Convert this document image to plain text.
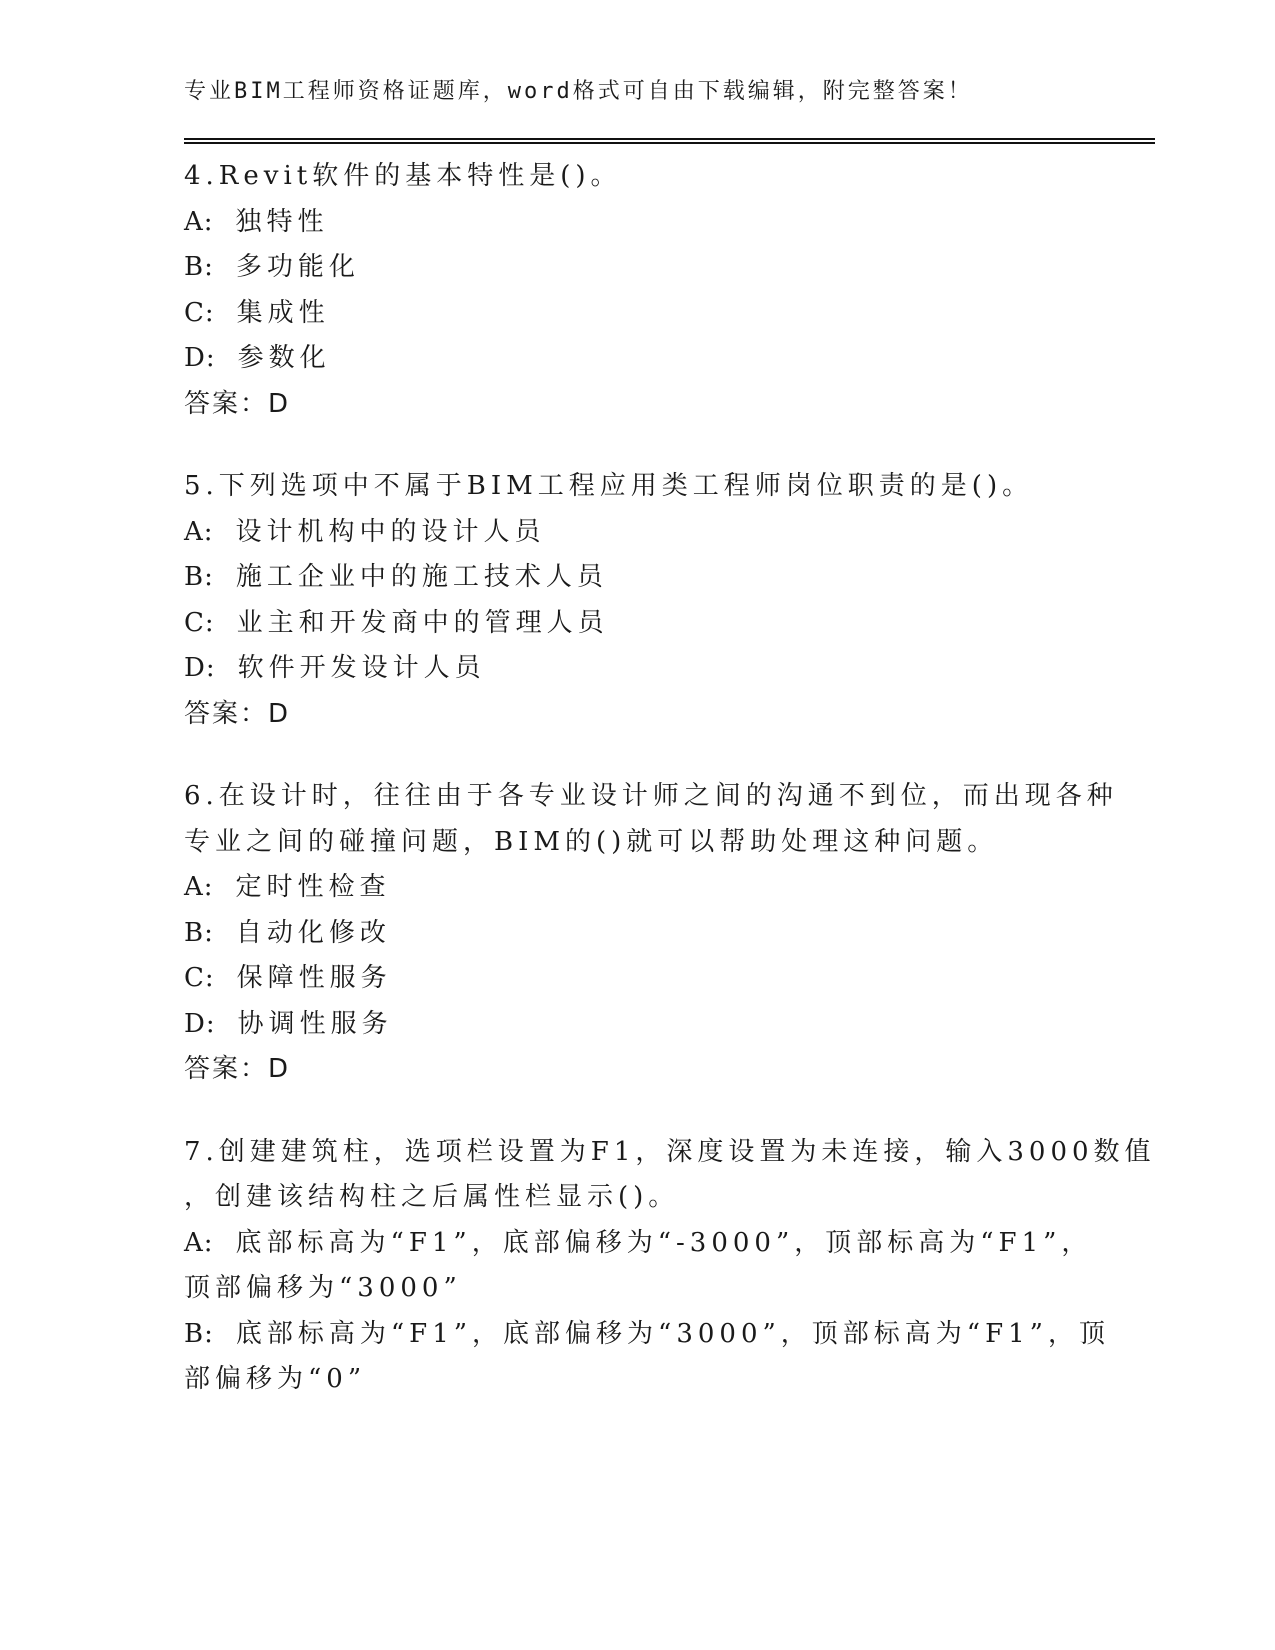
专业BIM工程师资格证题库，word格式可自由下载编辑，附完整答案！
4.Revit软件的基本特性是()。
A: 独特性
B: 多功能化
C: 集成性
D: 参数化
答案：D
5.下列选项中不属于BIM工程应用类工程师岗位职责的是()。
A: 设计机构中的设计人员
B: 施工企业中的施工技术人员
C: 业主和开发商中的管理人员
D: 软件开发设计人员
答案：D
6.在设计时，往往由于各专业设计师之间的沟通不到位，而出现各种
专业之间的碰撞问题，BIM的()就可以帮助处理这种问题。
A: 定时性检查
B: 自动化修改
C: 保障性服务
D: 协调性服务
答案：D
7.创建建筑柱，选项栏设置为F1，深度设置为未连接，输入3000数值
，创建该结构柱之后属性栏显示()。
A: 底部标高为“F1”，底部偏移为“-3000”，顶部标高为“F1”，
顶部偏移为“3000”
B: 底部标高为“F1”，底部偏移为“3000”，顶部标高为“F1”，顶
部偏移为“0”
